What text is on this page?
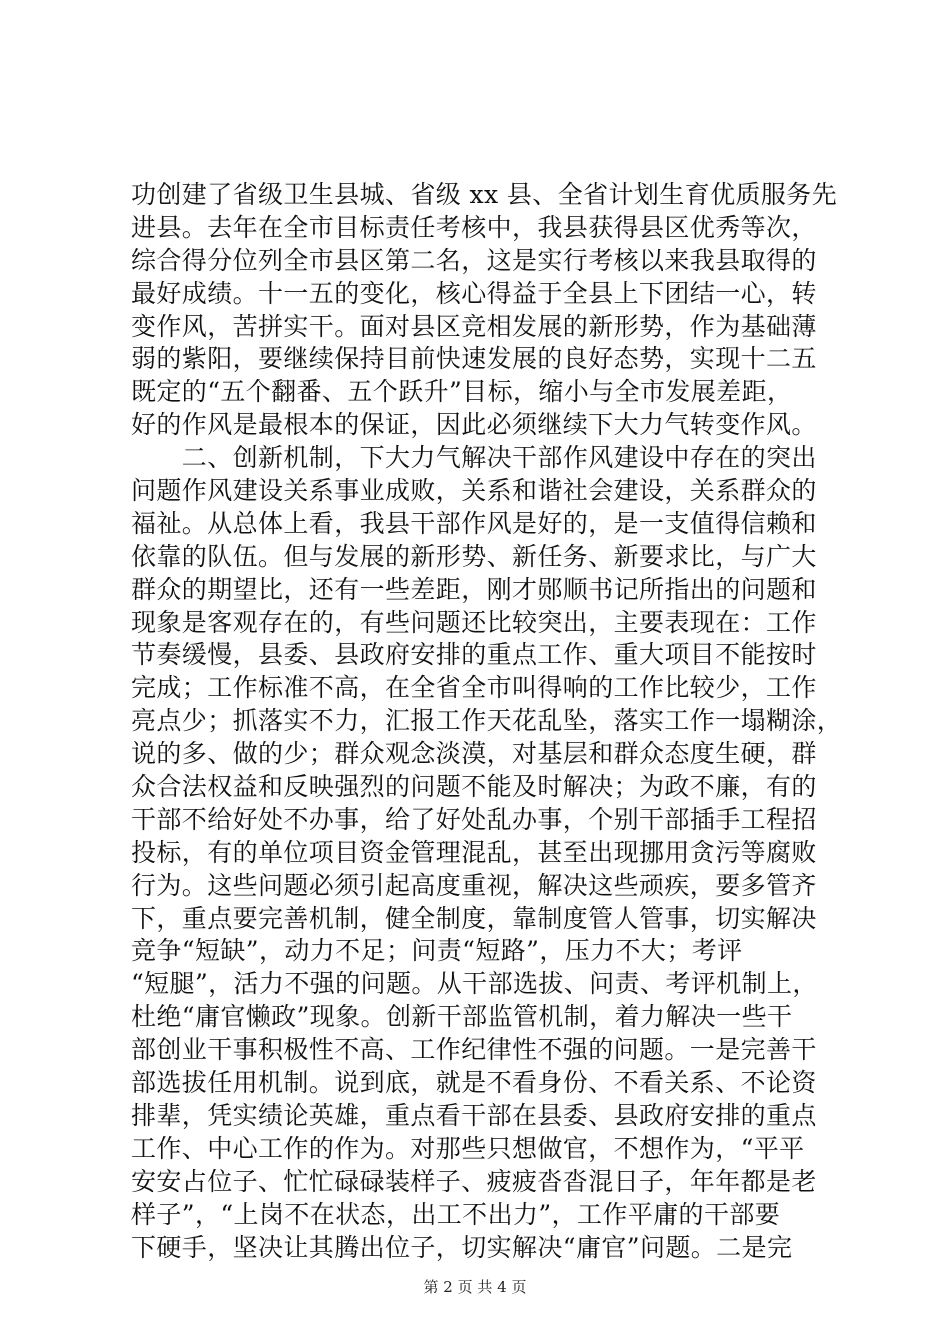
功创建了省级卫生县城、省级 xx 县、全省计划生育优质服务先
进县。去年在全市目标责任考核中，我县获得县区优秀等次，
综合得分位列全市县区第二名，这是实行考核以来我县取得的
最好成绩。十一五的变化，核心得益于全县上下团结一心，转
变作风，苦拼实干。面对县区竞相发展的新形势，作为基础薄
弱的紫阳，要继续保持目前快速发展的良好态势，实现十二五
既定的“五个翻番、五个跃升”目标，缩小与全市发展差距，
好的作风是最根本的保证，因此必须继续下大力气转变作风。
　　二、创新机制，下大力气解决干部作风建设中存在的突出
问题作风建设关系事业成败，关系和谐社会建设，关系群众的
福祉。从总体上看，我县干部作风是好的，是一支值得信赖和
依靠的队伍。但与发展的新形势、新任务、新要求比，与广大
群众的期望比，还有一些差距，刚才郧顺书记所指出的问题和
现象是客观存在的，有些问题还比较突出，主要表现在：工作
节奏缓慢，县委、县政府安排的重点工作、重大项目不能按时
完成；工作标准不高，在全省全市叫得响的工作比较少，工作
亮点少；抓落实不力，汇报工作天花乱坠，落实工作一塌糊涂，
说的多、做的少；群众观念淡漠，对基层和群众态度生硬，群
众合法权益和反映强烈的问题不能及时解决；为政不廉，有的
干部不给好处不办事，给了好处乱办事，个别干部插手工程招
投标，有的单位项目资金管理混乱，甚至出现挪用贪污等腐败
行为。这些问题必须引起高度重视，解决这些顽疾，要多管齐
下，重点要完善机制，健全制度，靠制度管人管事，切实解决
竞争“短缺”，动力不足；问责“短路”，压力不大；考评
“短腿”，活力不强的问题。从干部选拔、问责、考评机制上，
杜绝“庸官懒政”现象。创新干部监管机制，着力解决一些干
部创业干事积极性不高、工作纪律性不强的问题。一是完善干
部选拔任用机制。说到底，就是不看身份、不看关系、不论资
排辈，凭实绩论英雄，重点看干部在县委、县政府安排的重点
工作、中心工作的作为。对那些只想做官，不想作为，“平平
安安占位子、忙忙碌碌装样子、疲疲沓沓混日子，年年都是老
样子”，“上岗不在状态，出工不出力”，工作平庸的干部要
下硬手，坚决让其腾出位子，切实解决“庸官”问题。二是完
第 2 页 共 4 页
